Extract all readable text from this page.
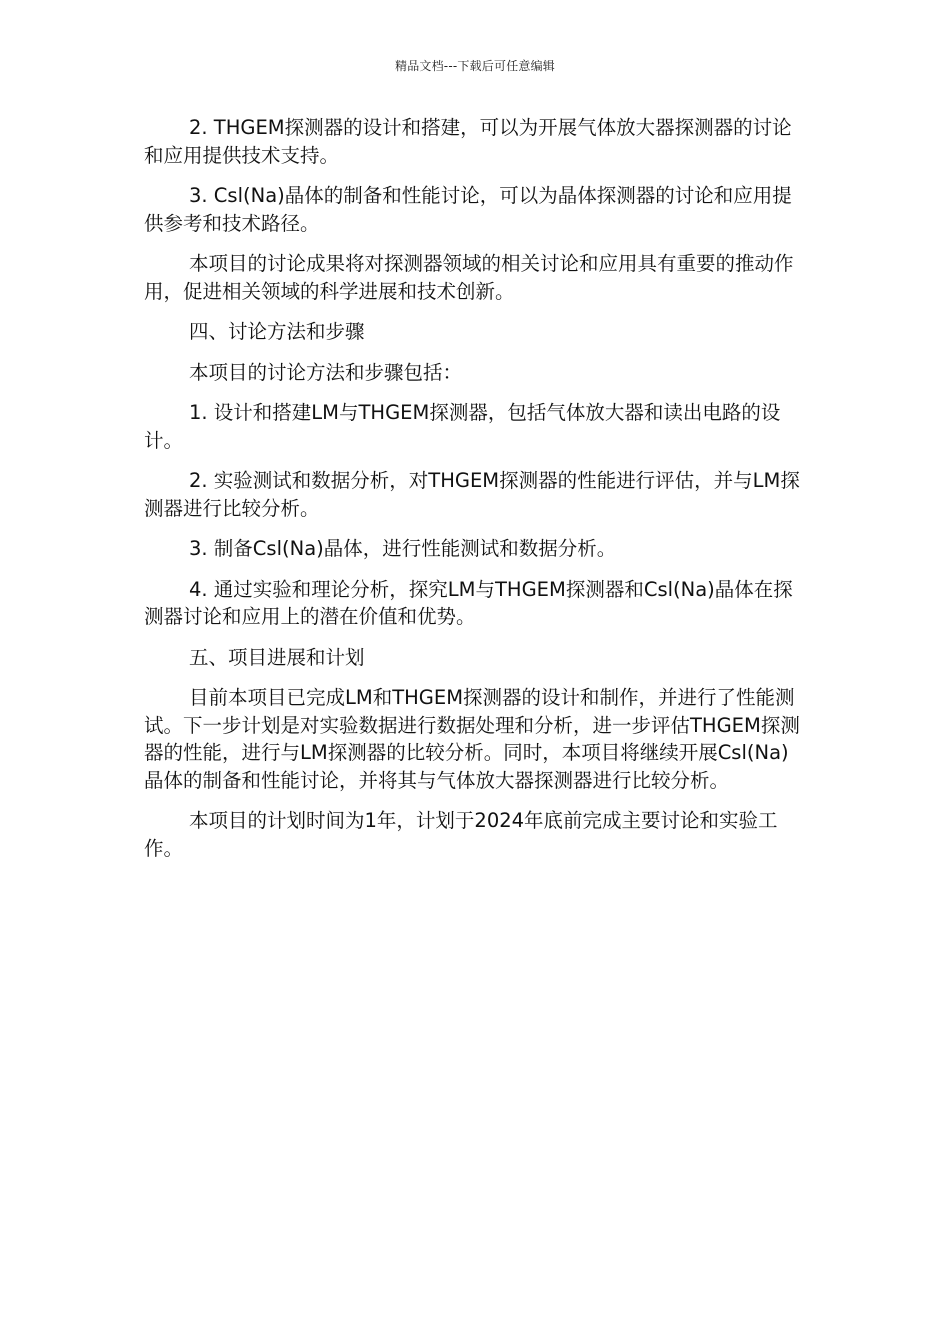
精品文档---下载后可任意编辑

2. THGEM探测器的设计和搭建，可以为开展气体放大器探测器的讨论和应用提供技术支持。

3. Csl(Na)晶体的制备和性能讨论，可以为晶体探测器的讨论和应用提供参考和技术路径。

本项目的讨论成果将对探测器领域的相关讨论和应用具有重要的推动作用，促进相关领域的科学进展和技术创新。

四、讨论方法和步骤

本项目的讨论方法和步骤包括：

1. 设计和搭建LM与THGEM探测器，包括气体放大器和读出电路的设计。

2. 实验测试和数据分析，对THGEM探测器的性能进行评估，并与LM探测器进行比较分析。

3. 制备Csl(Na)晶体，进行性能测试和数据分析。

4. 通过实验和理论分析，探究LM与THGEM探测器和Csl(Na)晶体在探测器讨论和应用上的潜在价值和优势。

五、项目进展和计划

目前本项目已完成LM和THGEM探测器的设计和制作，并进行了性能测试。下一步计划是对实验数据进行数据处理和分析，进一步评估THGEM探测器的性能，进行与LM探测器的比较分析。同时，本项目将继续开展Csl(Na)晶体的制备和性能讨论，并将其与气体放大器探测器进行比较分析。

本项目的计划时间为1年，计划于2024年底前完成主要讨论和实验工作。
